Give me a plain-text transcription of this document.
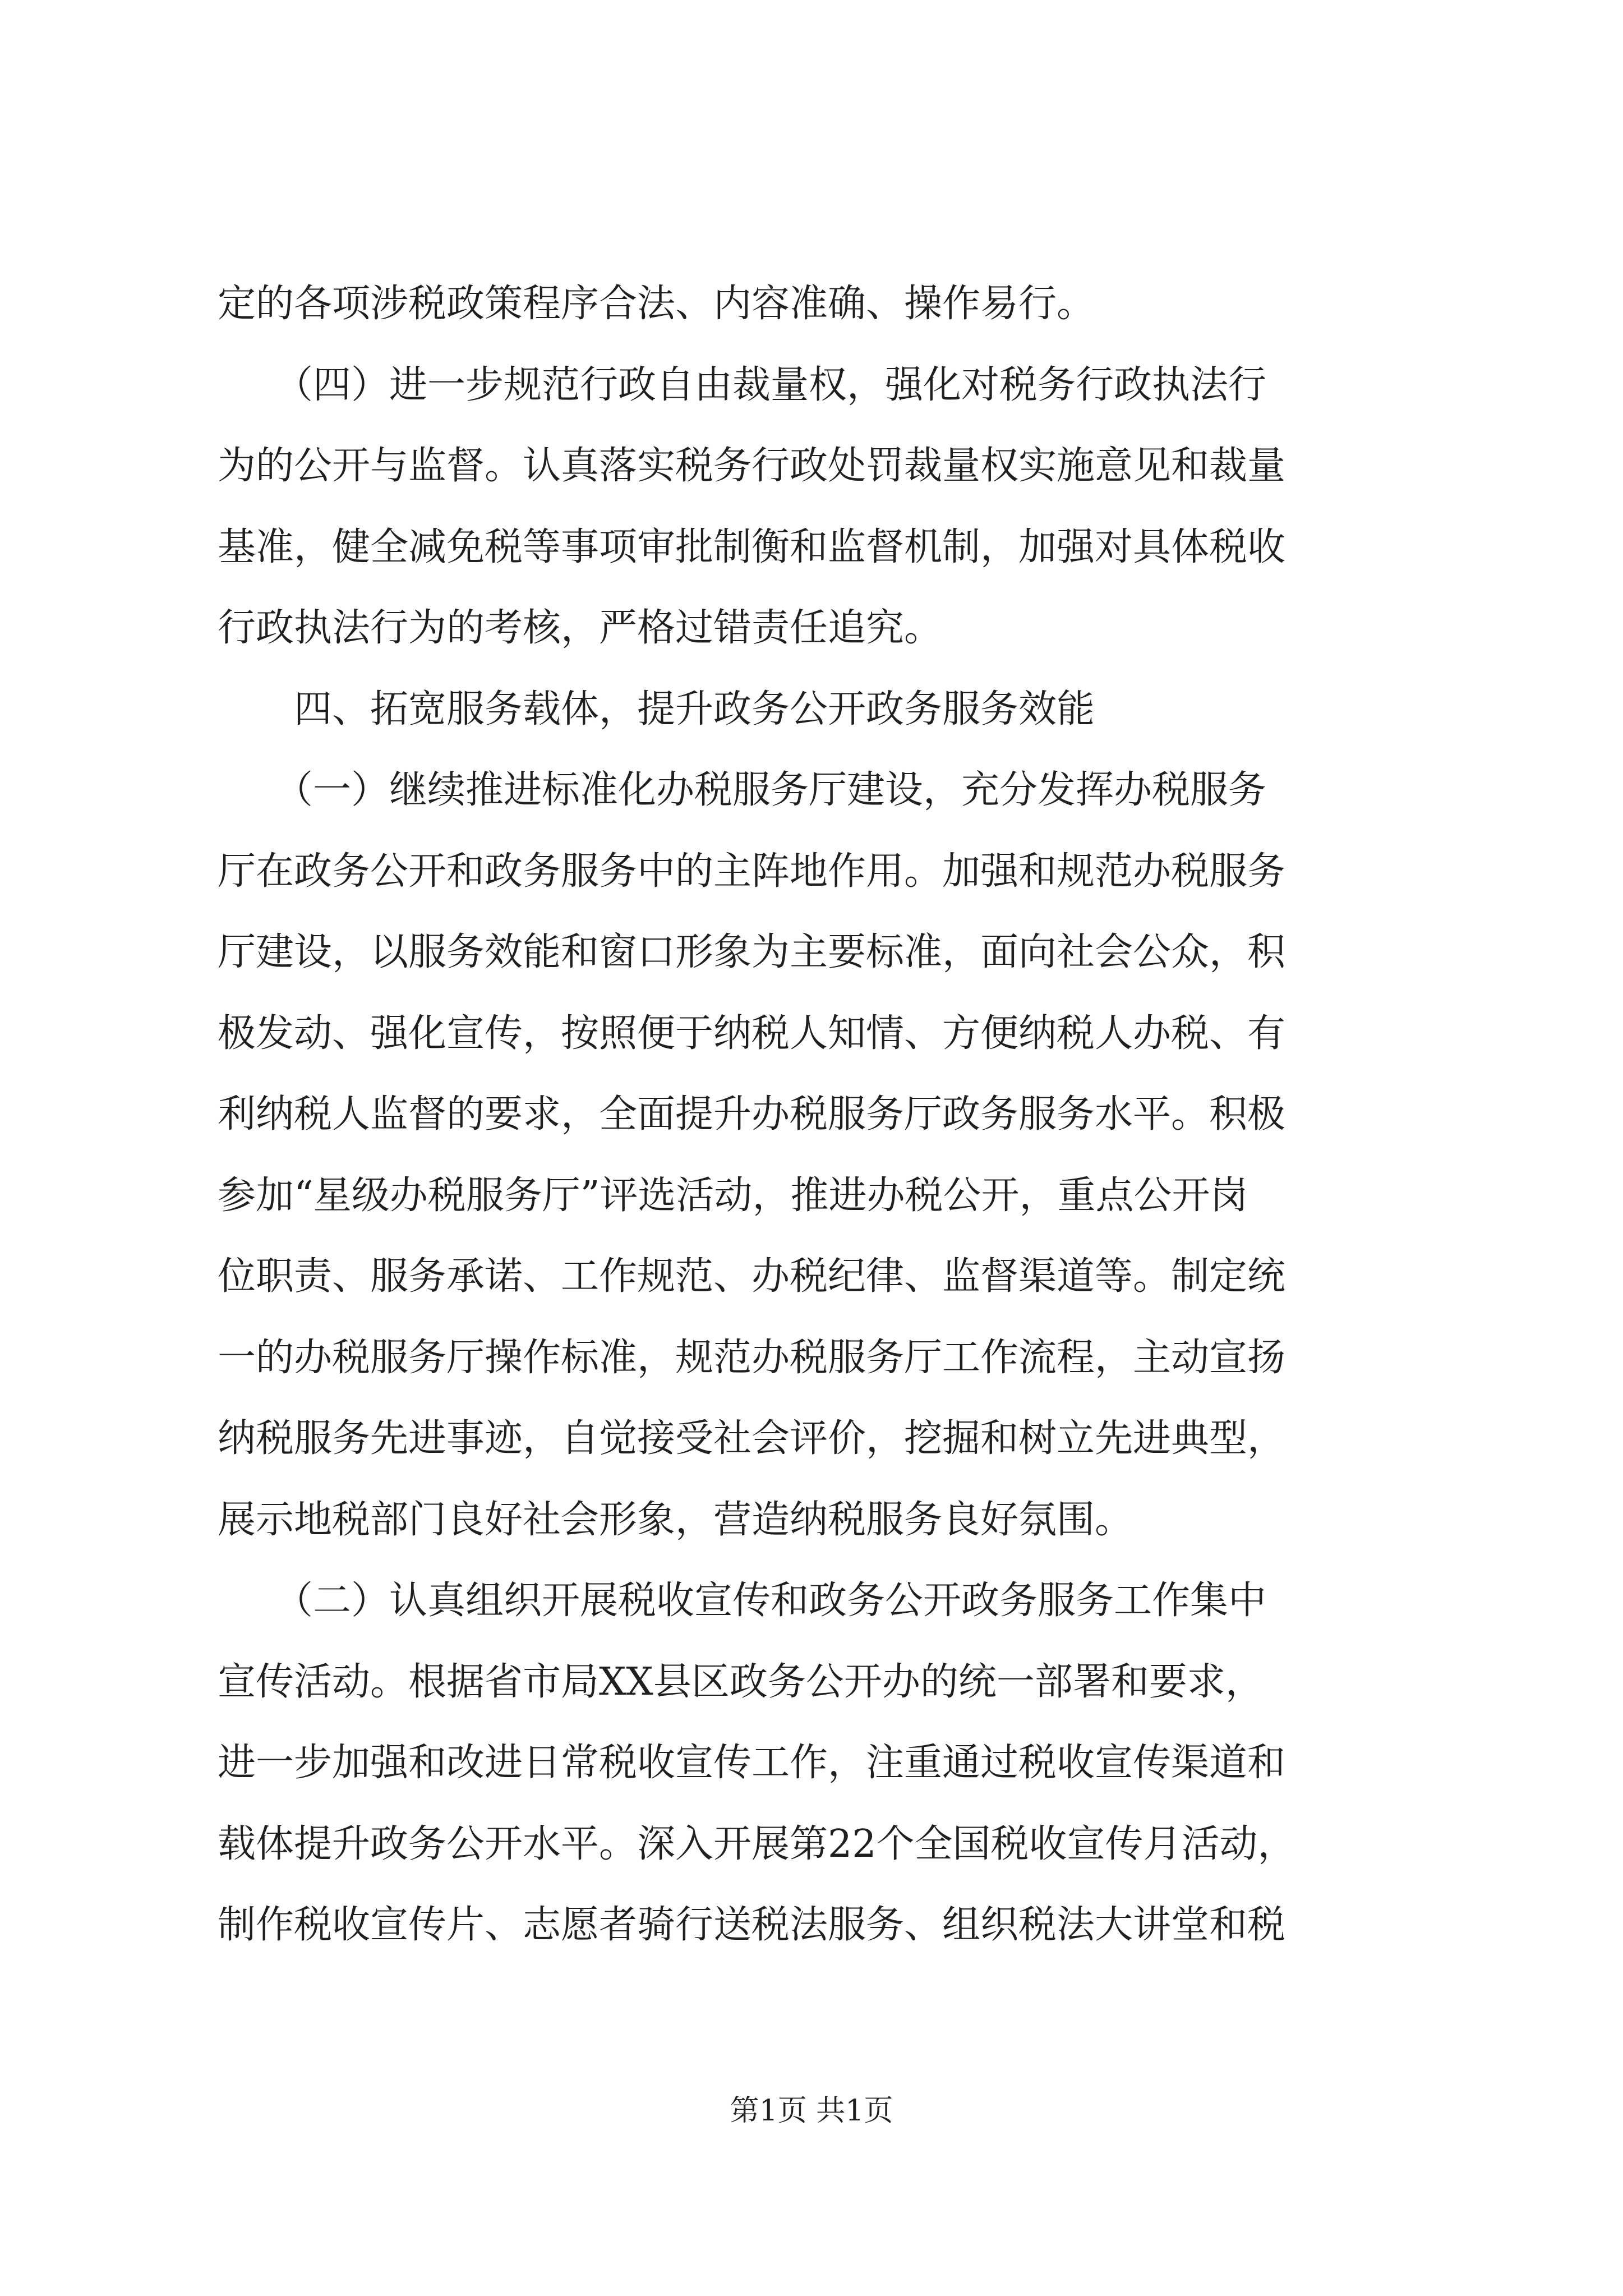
定的各项涉税政策程序合法、内容准确、操作易行。
　　（四）进一步规范行政自由裁量权，强化对税务行政执法行
为的公开与监督。认真落实税务行政处罚裁量权实施意见和裁量
基准，健全减免税等事项审批制衡和监督机制，加强对具体税收
行政执法行为的考核，严格过错责任追究。
　　四、拓宽服务载体，提升政务公开政务服务效能
　　（一）继续推进标准化办税服务厅建设，充分发挥办税服务
厅在政务公开和政务服务中的主阵地作用。加强和规范办税服务
厅建设，以服务效能和窗口形象为主要标准，面向社会公众，积
极发动、强化宣传，按照便于纳税人知情、方便纳税人办税、有
利纳税人监督的要求，全面提升办税服务厅政务服务水平。积极
参加“星级办税服务厅”评选活动，推进办税公开，重点公开岗
位职责、服务承诺、工作规范、办税纪律、监督渠道等。制定统
一的办税服务厅操作标准，规范办税服务厅工作流程，主动宣扬
纳税服务先进事迹，自觉接受社会评价，挖掘和树立先进典型，
展示地税部门良好社会形象，营造纳税服务良好氛围。
　　（二）认真组织开展税收宣传和政务公开政务服务工作集中
宣传活动。根据省市局XX县区政务公开办的统一部署和要求，
进一步加强和改进日常税收宣传工作，注重通过税收宣传渠道和
载体提升政务公开水平。深入开展第22个全国税收宣传月活动，
制作税收宣传片、志愿者骑行送税法服务、组织税法大讲堂和税
第1页 共1页
